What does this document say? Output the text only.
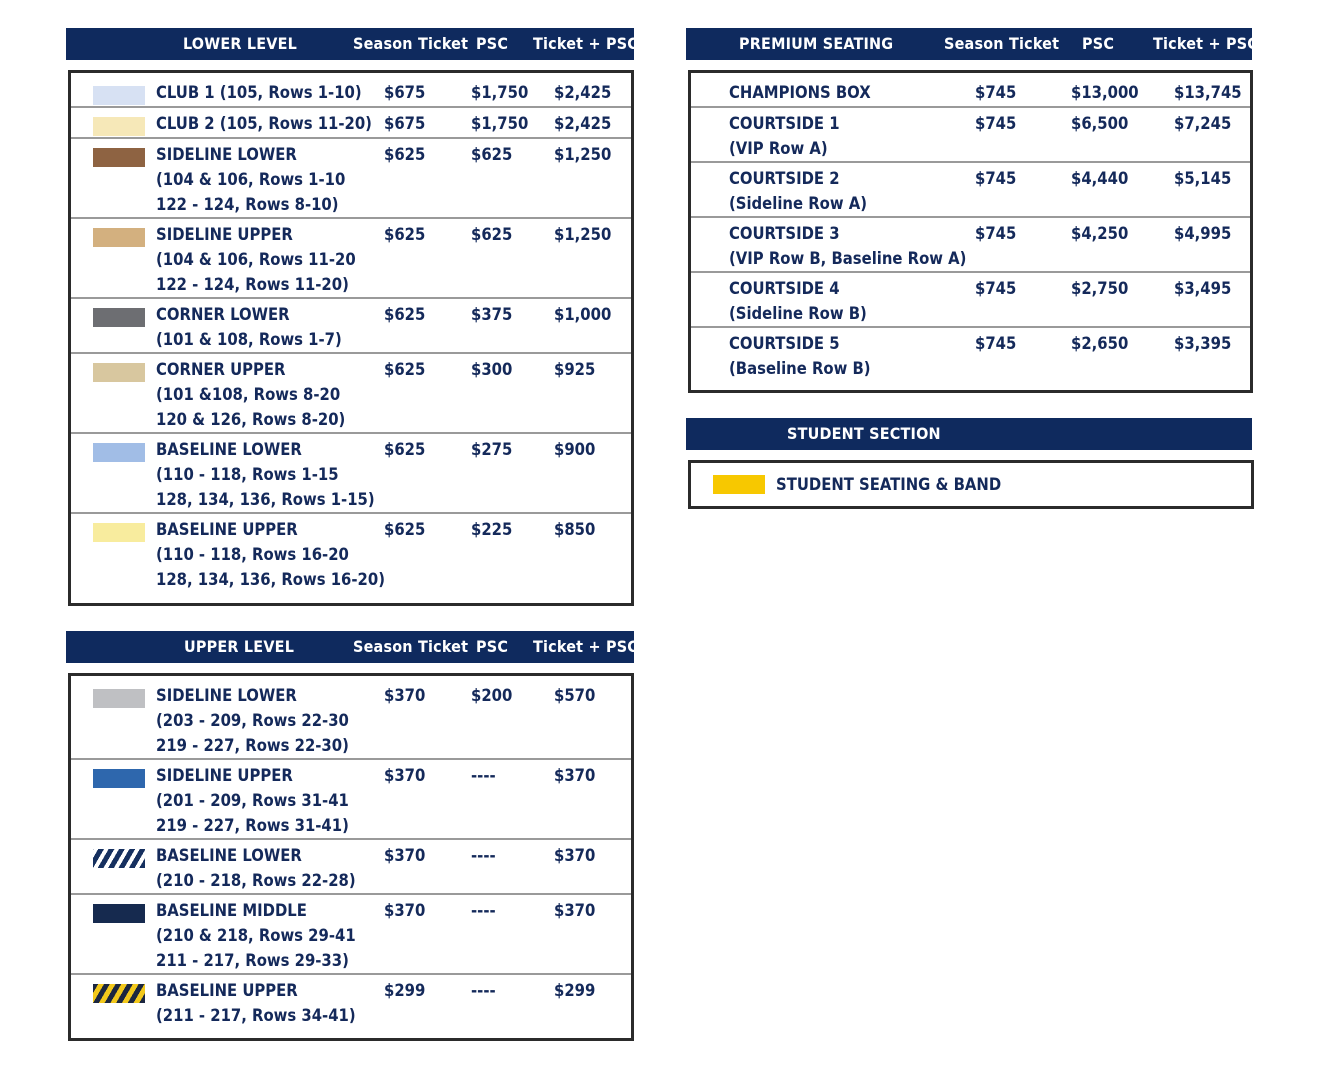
LOWER LEVEL	Season Ticket PSC Ticket + PSC
CLUB 1 (105, Rows 1-10) $675	$1,750 $2,425
CLUB 2 (105, Rows 11-20) $675	$1,750 $2,425
SIDELINE LOWER
(104 & 106, Rows 1-10
122 - 124, Rows 8-10)
$625	$625	$1,250
SIDELINE UPPER
(104 & 106, Rows 11-20
122 - 124, Rows 11-20)
$625	$625	$1,250
CORNER LOWER
(101 & 108, Rows 1-7)
$625	$375	$1,000
CORNER UPPER
(101 &108, Rows 8-20
120 & 126, Rows 8-20)
$625	$300	$925
BASELINE LOWER
(110 - 118, Rows 1-15
128, 134, 136, Rows 1-15)
$625	$275	$900
BASELINE UPPER
(110 - 118, Rows 16-20
128, 134, 136, Rows 16-20)
$625	$225	$850
UPPER LEVEL	Season Ticket PSC Ticket + PSC
SIDELINE LOWER
(203 - 209, Rows 22-30
219 - 227, Rows 22-30)
$370	$200	$570
SIDELINE UPPER
(201 - 209, Rows 31-41
219 - 227, Rows 31-41)
$370	----	$370
BASELINE LOWER
(210 - 218, Rows 22-28)
$370	----	$370
BASELINE MIDDLE
(210 & 218, Rows 29-41
211 - 217, Rows 29-33)
$370	----	$370
BASELINE UPPER
(211 - 217, Rows 34-41)
$299	----	$299
PREMIUM SEATING	Season Ticket PSC Ticket + PSC
CHAMPIONS BOX	$745	$13,000 $13,745
COURTSIDE 1
(VIP Row A)
$745	$6,500	$7,245
COURTSIDE 2
(Sideline Row A)
$745	$4,440	$5,145
COURTSIDE 3
(VIP Row B, Baseline Row A)
$745	$4,250	$4,995
COURTSIDE 4
(Sideline Row B)
$745	$2,750	$3,495
COURTSIDE 5
(Baseline Row B)
$745	$2,650	$3,395
STUDENT SECTION
STUDENT SEATING & BAND
